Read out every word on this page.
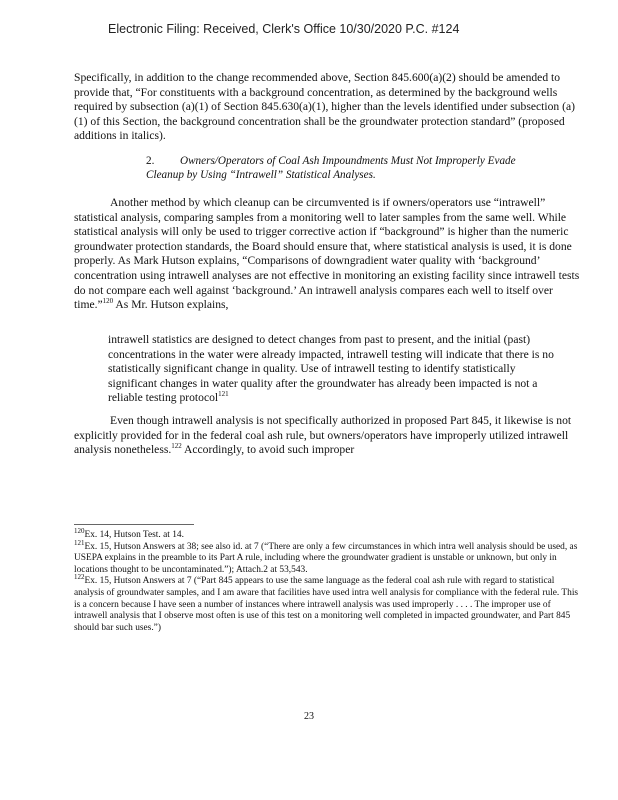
Electronic Filing: Received, Clerk's Office 10/30/2020 P.C. #124

Specifically, in addition to the change recommended above, Section 845.600(a)(2) should be amended to provide that, “For constituents with a background concentration, as determined by the background wells required by subsection (a)(1) of Section 845.630(a)(1), higher than the levels identified under subsection (a)(1) of this Section, the background concentration shall be the groundwater protection standard” (proposed additions in italics).

2. Owners/Operators of Coal Ash Impoundments Must Not Improperly Evade Cleanup by Using “Intrawell” Statistical Analyses.

Another method by which cleanup can be circumvented is if owners/operators use “intrawell” statistical analysis, comparing samples from a monitoring well to later samples from the same well. While statistical analysis will only be used to trigger corrective action if “background” is higher than the numeric groundwater protection standards, the Board should ensure that, where statistical analysis is used, it is done properly. As Mark Hutson explains, “Comparisons of downgradient water quality with ‘background’ concentration using intrawell analyses are not effective in monitoring an existing facility since intrawell tests do not compare each well against ‘background.’ An intrawell analysis compares each well to itself over time.”$^{120}$ As Mr. Hutson explains,

intrawell statistics are designed to detect changes from past to present, and the initial (past) concentrations in the water were already impacted, intrawell testing will indicate that there is no statistically significant change in quality. Use of intrawell testing to identify statistically significant changes in water quality after the groundwater has already been impacted is not a reliable testing protocol$^{121}$

Even though intrawell analysis is not specifically authorized in proposed Part 845, it likewise is not explicitly provided for in the federal coal ash rule, but owners/operators have improperly utilized intrawell analysis nonetheless.$^{122}$ Accordingly, to avoid such improper

$^{120}$Ex. 14, Hutson Test. at 14.

$^{121}$Ex. 15, Hutson Answers at 38; see also id. at 7 (“There are only a few circumstances in which intra well analysis should be used, as USEPA explains in the preamble to its Part A rule, including where the groundwater gradient is unstable or unknown, but only in locations thought to be uncontaminated.”); Attach.2 at 53,543.

$^{122}$Ex. 15, Hutson Answers at 7 (“Part 845 appears to use the same language as the federal coal ash rule with regard to statistical analysis of groundwater samples, and I am aware that facilities have used intra well analysis for compliance with the federal rule. This is a concern because I have seen a number of instances where intrawell analysis was used improperly . . . . The improper use of intrawell analysis that I observe most often is use of this test on a monitoring well completed in impacted groundwater, and Part 845 should bar such uses.”)

23
